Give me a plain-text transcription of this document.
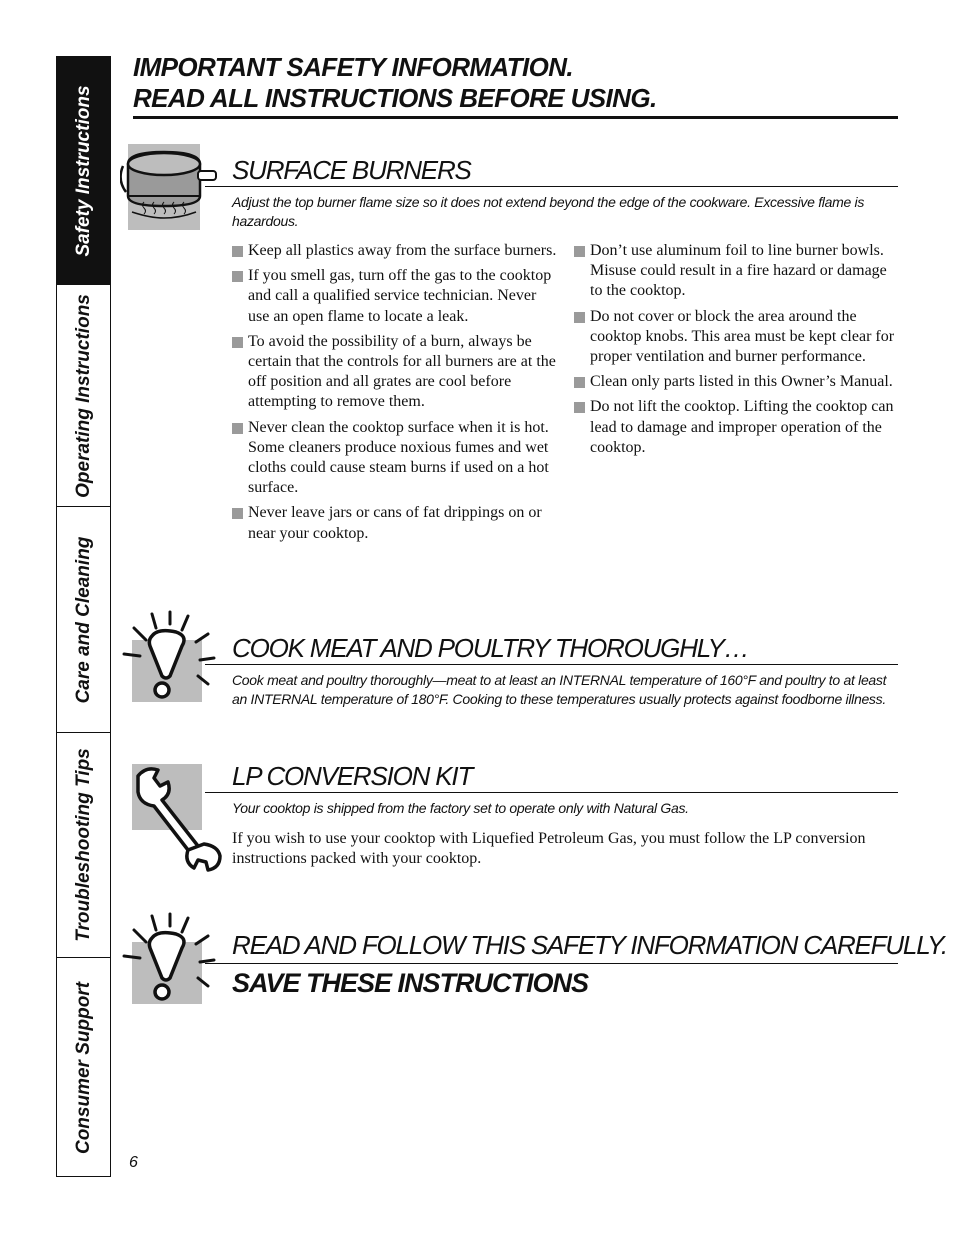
Safety Instructions
Operating Instructions
Care and Cleaning
Troubleshooting Tips
Consumer Support
IMPORTANT SAFETY INFORMATION.
READ ALL INSTRUCTIONS BEFORE USING.
SURFACE BURNERS
Adjust the top burner flame size so it does not extend beyond the edge of the cookware. Excessive flame is hazardous.
Keep all plastics away from the surface burners.
If you smell gas, turn off the gas to the cooktop and call a qualified service technician. Never use an open flame to locate a leak.
To avoid the possibility of a burn, always be certain that the controls for all burners are at the off position and all grates are cool before attempting to remove them.
Never clean the cooktop surface when it is hot. Some cleaners produce noxious fumes and wet cloths could cause steam burns if used on a hot surface.
Never leave jars or cans of fat drippings on or near your cooktop.
Don’t use aluminum foil to line burner bowls. Misuse could result in a fire hazard or damage to the cooktop.
Do not cover or block the area around the cooktop knobs. This area must be kept clear for proper ventilation and burner performance.
Clean only parts listed in this Owner’s Manual.
Do not lift the cooktop. Lifting the cooktop can lead to damage and improper operation of the cooktop.
COOK MEAT AND POULTRY THOROUGHLY…
Cook meat and poultry thoroughly—meat to at least an INTERNAL temperature of 160°F and poultry to at least an INTERNAL temperature of 180°F. Cooking to these temperatures usually protects against foodborne illness.
LP CONVERSION KIT
Your cooktop is shipped from the factory set to operate only with Natural Gas.
If you wish to use your cooktop with Liquefied Petroleum Gas, you must follow the LP conversion instructions packed with your cooktop.
READ AND FOLLOW THIS SAFETY INFORMATION CAREFULLY.
SAVE THESE INSTRUCTIONS
6
